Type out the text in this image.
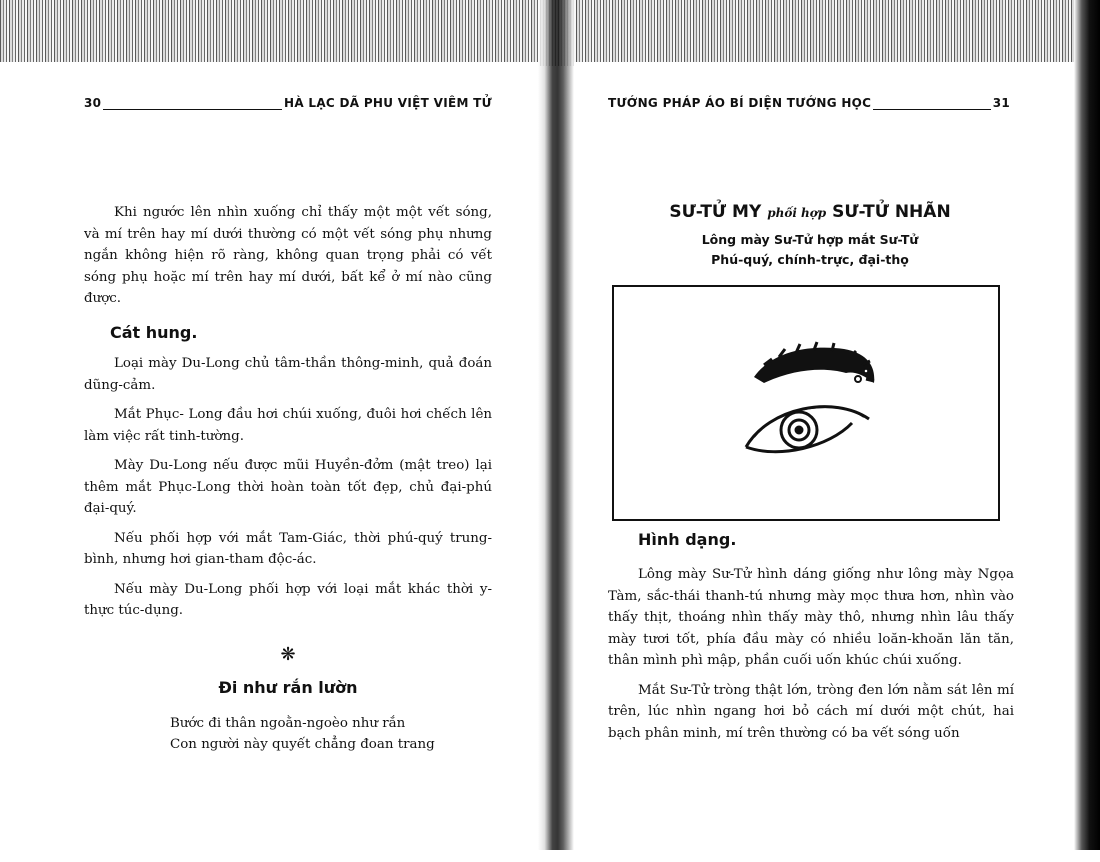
30	HÀ LẠC DÃ PHU VIỆT VIÊM TỬ

Khi ngước lên nhìn xuống chỉ thấy một một vết sóng, và mí trên hay mí dưới thường có một vết sóng phụ nhưng ngắn không hiện rõ ràng, không quan trọng phải có vết sóng phụ hoặc mí trên hay mí dưới, bất kể ở mí nào cũng được.

Cát hung.

Loại mày Du-Long chủ tâm-thần thông-minh, quả đoán dũng-cảm.

Mắt Phục- Long đầu hơi chúi xuống, đuôi hơi chếch lên làm việc rất tinh-tường.

Mày Du-Long nếu được mũi Huyền-đởm (mật treo) lại thêm mắt Phục-Long thời hoàn toàn tốt đẹp, chủ đại-phú đại-quý.

Nếu phối hợp với mắt Tam-Giác, thời phú-quý trung-bình, nhưng hơi gian-tham độc-ác.

Nếu mày Du-Long phối hợp với loại mắt khác thời y-thực túc-dụng.

❋
Đi như rắn lườn
Bước đi thân ngoằn-ngoèo như rắn
Con người này quyết chẳng đoan trang
TƯỚNG PHÁP ÁO BÍ DIỆN TƯỚNG HỌC	31
SƯ-TỬ MY phối hợp SƯ-TỬ NHÃN
Lông mày Sư-Tử hợp mắt Sư-Tử
Phú-quý, chính-trực, đại-thọ
Hình dạng.

Lông mày Sư-Tử hình dáng giống như lông mày Ngọa Tàm, sắc-thái thanh-tú nhưng mày mọc thưa hơn, nhìn vào thấy thịt, thoáng nhìn thấy mày thô, nhưng nhìn lâu thấy mày tươi tốt, phía đầu mày có nhiều loăn-khoăn lăn tăn, thân mình phì mập, phần cuối uốn khúc chúi xuống.

Mắt Sư-Tử tròng thật lớn, tròng đen lớn nằm sát lên mí trên, lúc nhìn ngang hơi bỏ cách mí dưới một chút, hai bạch phân minh, mí trên thường có ba vết sóng uốn
